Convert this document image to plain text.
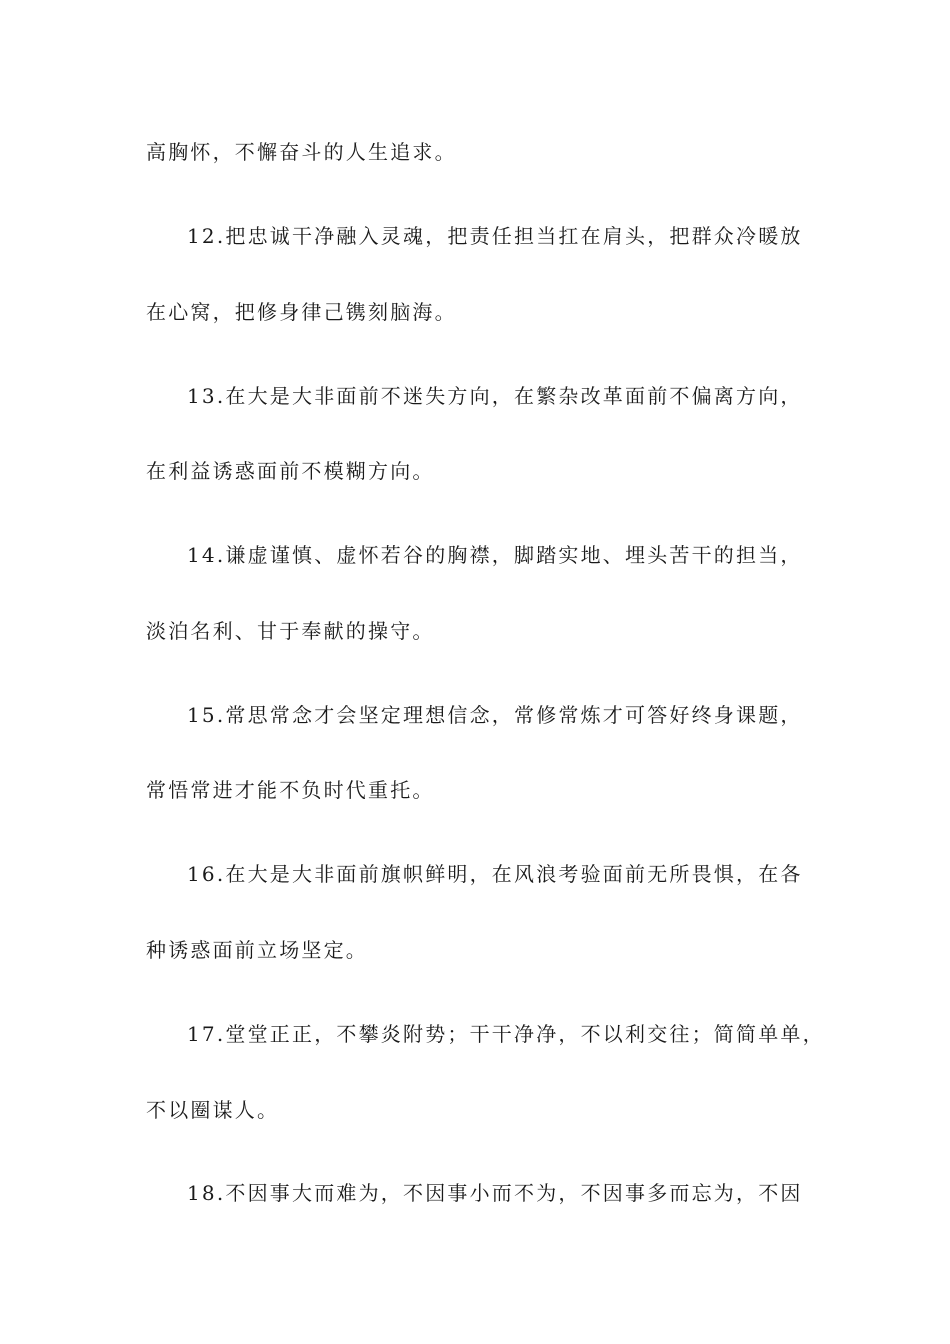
高胸怀，不懈奋斗的人生追求。
12.把忠诚干净融入灵魂，把责任担当扛在肩头，把群众冷暖放
在心窝，把修身律己镌刻脑海。
13.在大是大非面前不迷失方向，在繁杂改革面前不偏离方向，
在利益诱惑面前不模糊方向。
14.谦虚谨慎、虚怀若谷的胸襟，脚踏实地、埋头苦干的担当，
淡泊名利、甘于奉献的操守。
15.常思常念才会坚定理想信念，常修常炼才可答好终身课题，
常悟常进才能不负时代重托。
16.在大是大非面前旗帜鲜明，在风浪考验面前无所畏惧，在各
种诱惑面前立场坚定。
17.堂堂正正，不攀炎附势；干干净净，不以利交往；简简单单，
不以圈谋人。
18.不因事大而难为，不因事小而不为，不因事多而忘为，不因
